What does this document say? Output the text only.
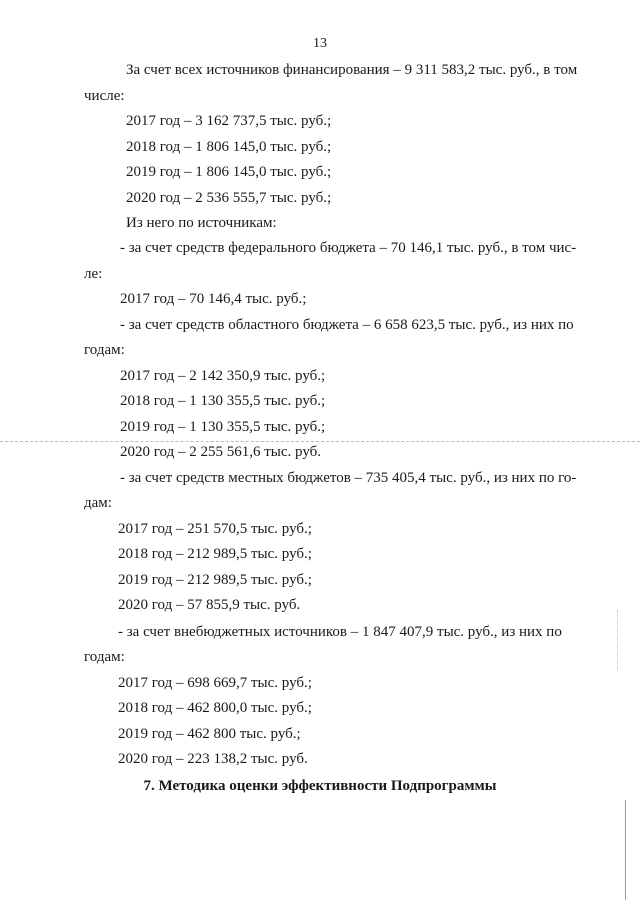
13
За счет всех источников финансирования – 9 311 583,2 тыс. руб., в том
числе:
2017 год – 3 162 737,5 тыс. руб.;
2018 год – 1 806 145,0 тыс. руб.;
2019 год – 1 806 145,0 тыс. руб.;
2020 год – 2 536 555,7 тыс. руб.;
Из него по источникам:
- за счет средств федерального бюджета – 70 146,1 тыс. руб., в том чис-
ле:
2017 год – 70 146,4 тыс. руб.;
- за счет средств областного бюджета – 6 658 623,5 тыс. руб., из них по
годам:
2017 год – 2 142 350,9 тыс. руб.;
2018 год – 1 130 355,5 тыс. руб.;
2019 год – 1 130 355,5 тыс. руб.;
2020 год – 2 255 561,6 тыс. руб.
- за счет средств местных бюджетов – 735 405,4 тыс. руб., из них по го-
дам:
2017 год – 251 570,5 тыс. руб.;
2018 год – 212 989,5 тыс. руб.;
2019 год – 212 989,5 тыс. руб.;
2020 год – 57 855,9 тыс. руб.
- за счет внебюджетных источников – 1 847 407,9 тыс. руб., из них по
годам:
2017 год – 698 669,7 тыс. руб.;
2018 год – 462 800,0 тыс. руб.;
2019 год – 462 800 тыс. руб.;
2020 год – 223 138,2 тыс. руб.
7. Методика оценки эффективности Подпрограммы
